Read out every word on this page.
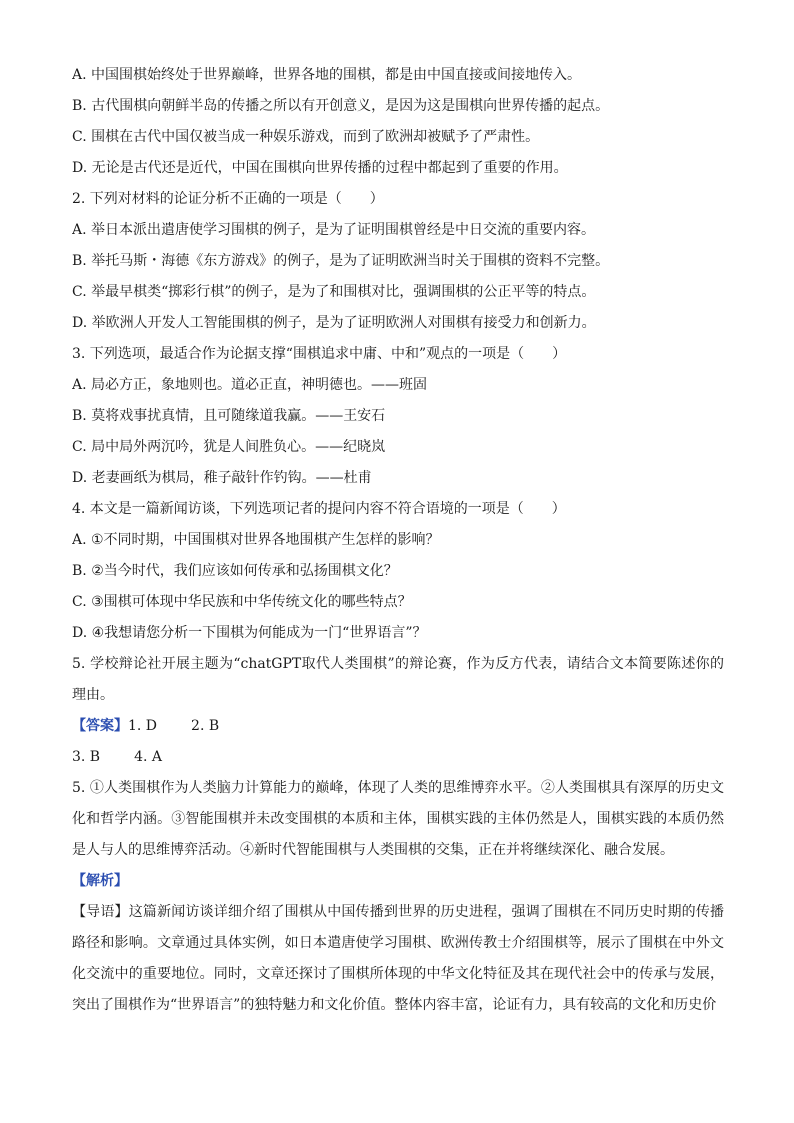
A. 中国围棋始终处于世界巅峰，世界各地的围棋，都是由中国直接或间接地传入。
B. 古代围棋向朝鲜半岛的传播之所以有开创意义，是因为这是围棋向世界传播的起点。
C. 围棋在古代中国仅被当成一种娱乐游戏，而到了欧洲却被赋予了严肃性。
D. 无论是古代还是近代，中国在围棋向世界传播的过程中都起到了重要的作用。
2. 下列对材料的论证分析不正确的一项是（　　）
A. 举日本派出遣唐使学习围棋的例子，是为了证明围棋曾经是中日交流的重要内容。
B. 举托马斯・海德《东方游戏》的例子，是为了证明欧洲当时关于围棋的资料不完整。
C. 举最早棋类“掷彩行棋”的例子，是为了和围棋对比，强调围棋的公正平等的特点。
D. 举欧洲人开发人工智能围棋的例子，是为了证明欧洲人对围棋有接受力和创新力。
3. 下列选项，最适合作为论据支撑“围棋追求中庸、中和”观点的一项是（　　）
A. 局必方正，象地则也。道必正直，神明德也。——班固
B. 莫将戏事扰真情，且可随缘道我赢。——王安石
C. 局中局外两沉吟，犹是人间胜负心。——纪晓岚
D. 老妻画纸为棋局，稚子敲针作钓钩。——杜甫
4. 本文是一篇新闻访谈，下列选项记者的提问内容不符合语境的一项是（　　）
A. ①不同时期，中国围棋对世界各地围棋产生怎样的影响？
B. ②当今时代，我们应该如何传承和弘扬围棋文化？
C. ③围棋可体现中华民族和中华传统文化的哪些特点？
D. ④我想请您分析一下围棋为何能成为一门“世界语言”？
5. 学校辩论社开展主题为“chatGPT取代人类围棋”的辩论赛，作为反方代表，请结合文本简要陈述你的理由。
【答案】1. D 2. B
3. B 4. A
5. ①人类围棋作为人类脑力计算能力的巅峰，体现了人类的思维博弈水平。②人类围棋具有深厚的历史文化和哲学内涵。③智能围棋并未改变围棋的本质和主体，围棋实践的主体仍然是人，围棋实践的本质仍然是人与人的思维博弈活动。④新时代智能围棋与人类围棋的交集，正在并将继续深化、融合发展。
【解析】
【导语】这篇新闻访谈详细介绍了围棋从中国传播到世界的历史进程，强调了围棋在不同历史时期的传播路径和影响。文章通过具体实例，如日本遣唐使学习围棋、欧洲传教士介绍围棋等，展示了围棋在中外文化交流中的重要地位。同时，文章还探讨了围棋所体现的中华文化特征及其在现代社会中的传承与发展，突出了围棋作为“世界语言”的独特魅力和文化价值。整体内容丰富，论证有力，具有较高的文化和历史价
